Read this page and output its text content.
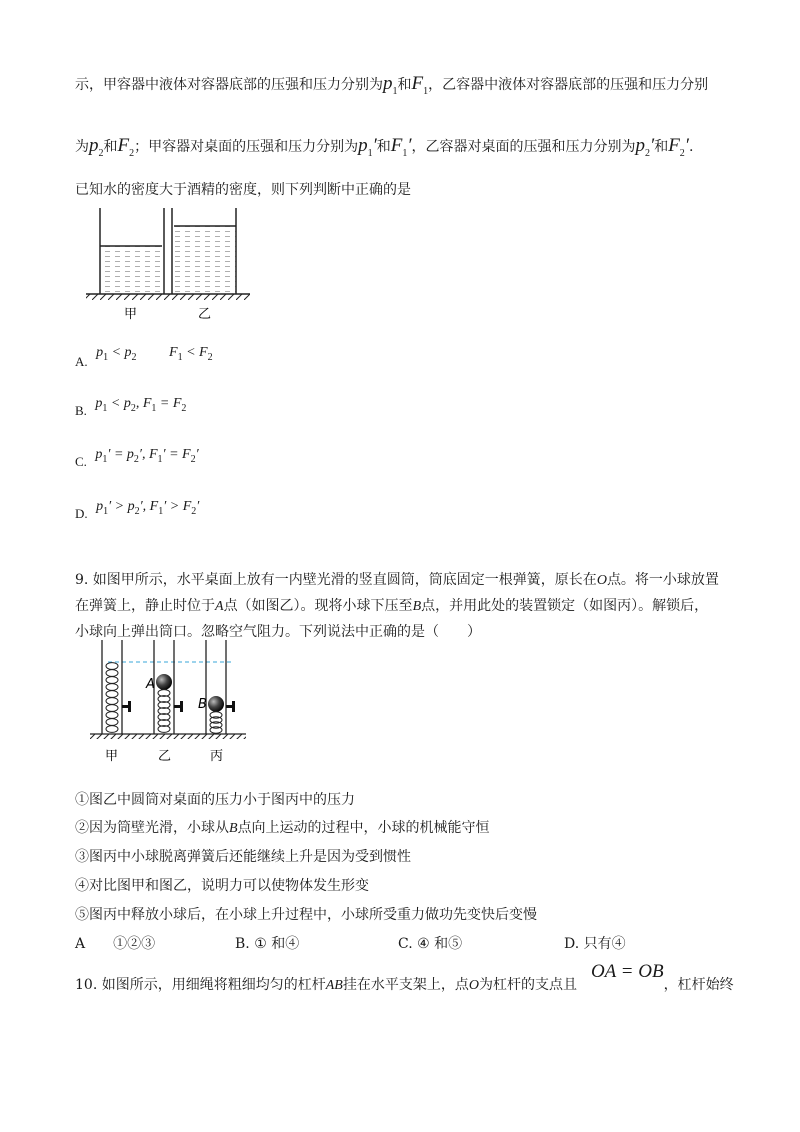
示，甲容器中液体对容器底部的压强和压力分别为$p_1$和$F_1$，乙容器中液体对容器底部的压强和压力分别
为$p_2$和$F_2$；甲容器对桌面的压强和压力分别为$p_1'$和$F_1'$，乙容器对桌面的压强和压力分别为$p_2'$和$F_2'$.
已知水的密度大于酒精的密度，则下列判断中正确的是
甲	乙
A. $p_1 < p_2$ $F_1 < F_2$
B. $p_1 < p_2$, $F_1 = F_2$
C. $p_1' = p_2'$, $F_1' = F_2'$
D. $p_1' > p_2'$, $F_1' > F_2'$
9. 如图甲所示，水平桌面上放有一内壁光滑的竖直圆筒，筒底固定一根弹簧，原长在O点。将一小球放置
在弹簧上，静止时位于A点（如图乙）。现将小球下压至B点，并用此处的装置锁定（如图丙）。解锁后，
小球向上弹出筒口。忽略空气阻力。下列说法中正确的是（　　）
A
B
甲	乙	丙
①图乙中圆筒对桌面的压力小于图丙中的压力
②因为筒壁光滑，小球从B点向上运动的过程中，小球的机械能守恒
③图丙中小球脱离弹簧后还能继续上升是因为受到惯性
④对比图甲和图乙，说明力可以使物体发生形变
⑤图丙中释放小球后，在小球上升过程中，小球所受重力做功先变快后变慢
A　　①②③	B. ① 和④	C. ④ 和⑤	D. 只有④
10. 如图所示，用细绳将粗细均匀的杠杆AB挂在水平支架上，点O为杠杆的支点且OA = OB，杠杆始终
